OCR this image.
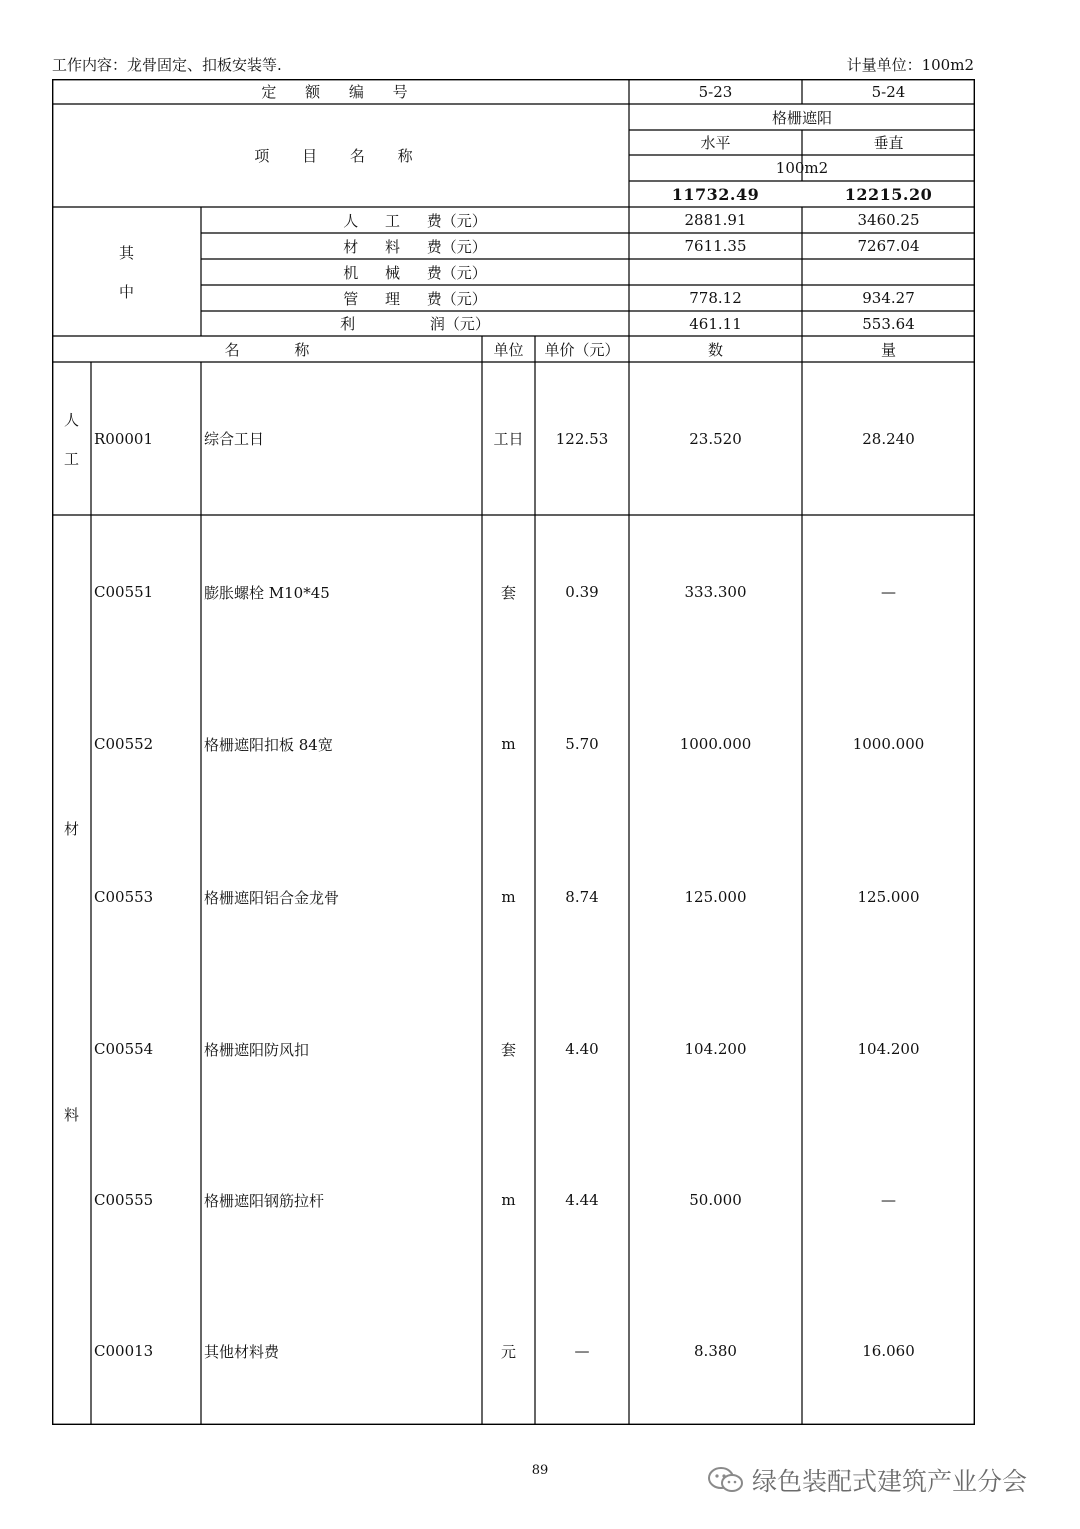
工作内容：龙骨固定、扣板安装等.	计量单位：100m2
定 额 编 号	5-23	5-24
项 目 名 称
格栅遮阳
水平	垂直
100m2
11732.49	12215.20
其
中
人 工 费（元）	2881.91	3460.25
材 料 费（元）	7611.35	7267.04
机 械 费（元）
管 理 费（元）	778.12	934.27
利 润（元）	461.11	553.64
名 称	单位	单价（元）	数	量
人
工
R00001	综合工日	工日	122.53	23.520	28.240
材
料
C00551	膨胀螺栓 M10*45	套	0.39	333.300	—
C00552	格栅遮阳扣板 84宽	m	5.70	1000.000	1000.000
C00553	格栅遮阳铝合金龙骨	m	8.74	125.000	125.000
C00554	格栅遮阳防风扣	套	4.40	104.200	104.200
C00555	格栅遮阳钢筋拉杆	m	4.44	50.000	—
C00013	其他材料费	元	—	8.380	16.060
89	绿色装配式建筑产业分会
